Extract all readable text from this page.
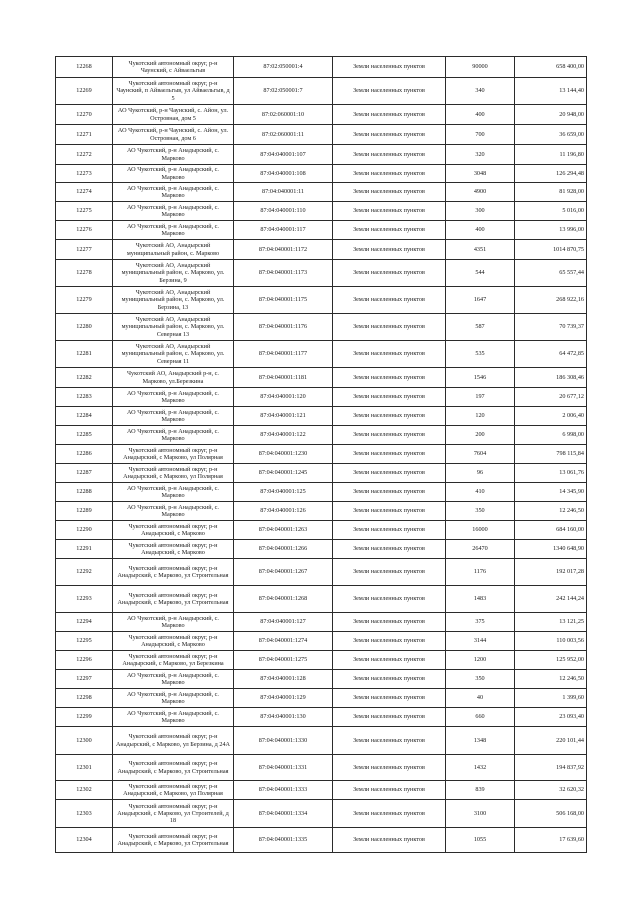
12268	Чукотский автономный округ, р-н Чаунский, с Айваельгыв	87:02:050001:4	Земли населенных пунктов	90000	658 400,00
12269	Чукотский автономный округ, р-н Чаунский, п Айваельгыв, ул Айваельгыв, д 5	87:02:050001:7	Земли населенных пунктов	340	13 144,40
12270	АО Чукотский, р-н Чаунский, с. Айон, ул. Островная, дом 5	87:02:060001:10	Земли населенных пунктов	400	20 948,00
12271	АО Чукотский, р-н Чаунский, с. Айон, ул. Островная, дом 6	87:02:060001:11	Земли населенных пунктов	700	36 659,00
12272	АО Чукотский, р-н Анадырский, с. Марково	87:04:040001:107	Земли населенных пунктов	320	11 196,80
12273	АО Чукотский, р-н Анадырский, с. Марково	87:04:040001:108	Земли населенных пунктов	3048	126 294,48
12274	АО Чукотский, р-н Анадырский, с. Марково	87:04:040001:11	Земли населенных пунктов	4900	81 928,00
12275	АО Чукотский, р-н Анадырский, с. Марково	87:04:040001:110	Земли населенных пунктов	300	5 016,00
12276	АО Чукотский, р-н Анадырский, с. Марково	87:04:040001:117	Земли населенных пунктов	400	13 996,00
12277	Чукотский АО, Анадырский муниципальный район, с. Марково	87:04:040001:1172	Земли населенных пунктов	4351	1014 870,75
12278	Чукотский АО, Анадырский муниципальный район, с. Марково, ул. Берзина, 9	87:04:040001:1173	Земли населенных пунктов	544	65 557,44
12279	Чукотский АО, Анадырский муниципальный район, с. Марково, ул. Берзина, 13	87:04:040001:1175	Земли населенных пунктов	1647	268 922,16
12280	Чукотский АО, Анадырский муниципальный район, с. Марково, ул. Северная 13	87:04:040001:1176	Земли населенных пунктов	587	70 739,37
12281	Чукотский АО, Анадырский муниципальный район, с. Марково, ул. Северная 11	87:04:040001:1177	Земли населенных пунктов	535	64 472,85
12282	Чукотский АО, Анадырский р-н, с. Марково, ул.Березкина	87:04:040001:1181	Земли населенных пунктов	1546	186 308,46
12283	АО Чукотский, р-н Анадырский, с. Марково	87:04:040001:120	Земли населенных пунктов	197	20 677,12
12284	АО Чукотский, р-н Анадырский, с. Марково	87:04:040001:121	Земли населенных пунктов	120	2 006,40
12285	АО Чукотский, р-н Анадырский, с. Марково	87:04:040001:122	Земли населенных пунктов	200	6 998,00
12286	Чукотский автономный округ, р-н Анадырский, с Марково, ул Полярная	87:04:040001:1230	Земли населенных пунктов	7604	798 115,84
12287	Чукотский автономный округ, р-н Анадырский, с Марково, ул Полярная	87:04:040001:1245	Земли населенных пунктов	96	13 061,76
12288	АО Чукотский, р-н Анадырский, с. Марково	87:04:040001:125	Земли населенных пунктов	410	14 345,90
12289	АО Чукотский, р-н Анадырский, с. Марково	87:04:040001:126	Земли населенных пунктов	350	12 246,50
12290	Чукотский автономный округ, р-н Анадырский, с Марково	87:04:040001:1263	Земли населенных пунктов	16000	684 160,00
12291	Чукотский автономный округ, р-н Анадырский, с Марково	87:04:040001:1266	Земли населенных пунктов	26470	1340 648,90
12292	Чукотский автономный округ, р-н Анадырский, с Марково, ул Строительная	87:04:040001:1267	Земли населенных пунктов	1176	192 017,28
12293	Чукотский автономный округ, р-н Анадырский, с Марково, ул Строительная	87:04:040001:1268	Земли населенных пунктов	1483	242 144,24
12294	АО Чукотский, р-н Анадырский, с. Марково	87:04:040001:127	Земли населенных пунктов	375	13 121,25
12295	Чукотский автономный округ, р-н Анадырский, с Марково	87:04:040001:1274	Земли населенных пунктов	3144	110 003,56
12296	Чукотский автономный округ, р-н Анадырский, с Марково, ул Березкина	87:04:040001:1275	Земли населенных пунктов	1200	125 952,00
12297	АО Чукотский, р-н Анадырский, с. Марково	87:04:040001:128	Земли населенных пунктов	350	12 246,50
12298	АО Чукотский, р-н Анадырский, с. Марково	87:04:040001:129	Земли населенных пунктов	40	1 399,60
12299	АО Чукотский, р-н Анадырский, с. Марково	87:04:040001:130	Земли населенных пунктов	660	23 093,40
12300	Чукотский автономный округ, р-н Анадырский, с Марково, ул Берзина, д 24А	87:04:040001:1330	Земли населенных пунктов	1348	220 101,44
12301	Чукотский автономный округ, р-н Анадырский, с Марково, ул Строительная	87:04:040001:1331	Земли населенных пунктов	1432	194 837,92
12302	Чукотский автономный округ, р-н Анадырский, с Марково, ул Полярная	87:04:040001:1333	Земли населенных пунктов	839	32 620,32
12303	Чукотский автономный округ, р-н Анадырский, с Марково, ул Строителей, д 18	87:04:040001:1334	Земли населенных пунктов	3100	506 168,00
12304	Чукотский автономный округ, р-н Анадырский, с Марково, ул Строительная	87:04:040001:1335	Земли населенных пунктов	1055	17 639,60
